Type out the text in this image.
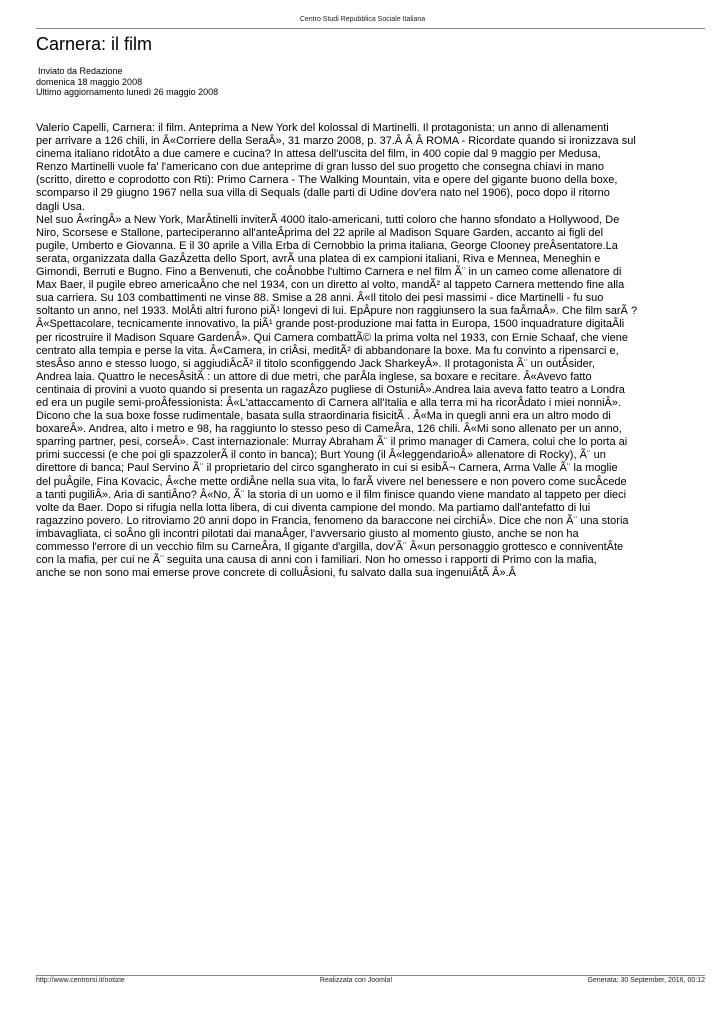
Centro Studi Repubblica Sociale Italiana
Carnera: il film
Inviato da Redazione
domenica 18 maggio 2008
Ultimo aggiornamento lunedì 26 maggio 2008

Valerio Capelli, Carnera: il film. Anteprima a New York del kolossal di Martinelli. Il protagonista: un anno di allenamenti
per arrivare a 126 chili, in Â«Corriere della SeraÂ», 31 marzo 2008, p. 37.Â Â Â ROMA - Ricordate quando si ironizzava sul
cinema italiano ridotÂto a due camere e cucina? In attesa dell'uscita del film, in 400 copie dal 9 maggio per Medusa,
Renzo Martinelli vuole fa' l'americano con due anteprime di gran lusso del suo progetto che consegna chiavi in mano
(scritto, diretto e coprodotto con Rti): Primo Carnera - The Walking Mountain, vita e opere del gigante buono della boxe,
scomparso il 29 giugno 1967 nella sua villa di Sequals (dalle parti di Udine dov'era nato nel 1906), poco dopo il ritorno
dagli Usa.
Nel suo Â«ringÂ» a New York, MarÂtinelli inviterÃ 4000 italo-americani, tutti coloro che hanno sfondato a Hollywood, De
Niro, Scorsese e Stallone, parteciperanno all'anteÂprima del 22 aprile al Madison Square Garden, accanto ai figli del
pugile, Umberto e Giovanna. E il 30 aprile a Villa Erba di Cernobbio la prima italiana, George Clooney preÂsentatore.La
serata, organizzata dalla GazÂzetta dello Sport, avrÃ una platea di ex campioni italiani, Riva e Mennea, Meneghin e
Gimondi, Berruti e Bugno. Fino a Benvenuti, che coÂnobbe l'ultimo Carnera e nel film Ã¨ in un cameo come allenatore di
Max Baer, il pugile ebreo americaÂno che nel 1934, con un diretto al volto, mandÃ² al tappeto Carnera mettendo fine alla
sua carriera. Su 103 combattimenti ne vinse 88. Smise a 28 anni. Â«Il titolo dei pesi massimi - dice Martinelli - fu suo
soltanto un anno, nel 1933. MolÂti altri furono piÃ¹ longevi di lui. EpÂpure non raggiunsero la sua faÂmaÂ». Che film sarÃ ?
Â«Spettacolare, tecnicamente innovativo, la piÃ¹ grande post-produzione mai fatta in Europa, 1500 inquadrature digitaÂli
per ricostruire il Madison Square GardenÂ». Qui Carnera combattÃ© la prima volta nel 1933, con Ernie Schaaf, che viene
centrato alla tempia e perse la vita. Â«Camera, in criÂsi, meditÃ² di abbandonare la boxe. Ma fu convinto a ripensarci e,
stesÂso anno e stesso luogo, si aggiudiÂcÃ² il titolo sconfiggendo Jack SharkeyÂ». Il protagonista Ã¨ un outÂsider,
Andrea laia. Quattro le necesÂsitÃ : un attore di due metri, che parÂla inglese, sa boxare e recitare. Â«Avevo fatto
centinaia di provini a vuoto quando si presenta un ragazÂzo pugliese di OstuniÂ».Andrea laia aveva fatto teatro a Londra
ed era un pugile semi-proÂfessionista: Â«L'attaccamento di Carnera all'Italia e alla terra mi ha ricorÂdato i miei nonniÂ».
Dicono che la sua boxe fosse rudimentale, basata sulla straordinaria fisicitÃ . Â«Ma in quegli anni era un altro modo di
boxareÂ». Andrea, alto i metro e 98, ha raggiunto lo stesso peso di CameÂra, 126 chili. Â«Mi sono allenato per un anno,
sparring partner, pesi, corseÂ». Cast internazionale: Murray Abraham Ã¨ il primo manager di Camera, colui che lo porta ai
primi successi (e che poi gli spazzolerÃ il conto in banca); Burt Young (il Â«leggendarioÂ» allenatore di Rocky), Ã¨ un
direttore di banca; Paul Servino Ã¨ il proprietario del circo sgangherato in cui si esibÃ¬ Carnera, Arma Valle Ã¨ la moglie
del puÂgile, Fina Kovacic, Â«che mette ordiÂne nella sua vita, lo farÃ vivere nel benessere e non povero come sucÂcede
a tanti pugiliÂ». Aria di santiÂno? Â«No, Ã¨ la storia di un uomo e il film finisce quando viene mandato al tappeto per dieci
volte da Baer. Dopo si rifugia nella lotta libera, di cui diventa campione del mondo. Ma partiamo dall'antefatto di lui
ragazzino povero. Lo ritroviamo 20 anni dopo in Francia, fenomeno da baraccone nei circhiÂ». Dice che non Ã¨ una storia
imbavagliata, ci soÂno gli incontri pilotati dai manaÂger, l'avversario giusto al momento giusto, anche se non ha
commesso l'errore di un vecchio film su CarneÂra, Il gigante d'argilla, dov'Ã¨ Â«un personaggio grottesco e conniventÂte
con la mafia, per cui ne Ã¨ seguita una causa di anni con i familiari. Non ho omesso i rapporti di Primo con la mafia,
anche se non sono mai emerse prove concrete di colluÂsioni, fu salvato dalla sua ingenuiÂtÃ Â».Â

http://www.centrorsi.it/notizie	Realizzata con Joomla!	Generata: 30 September, 2016, 00:12
